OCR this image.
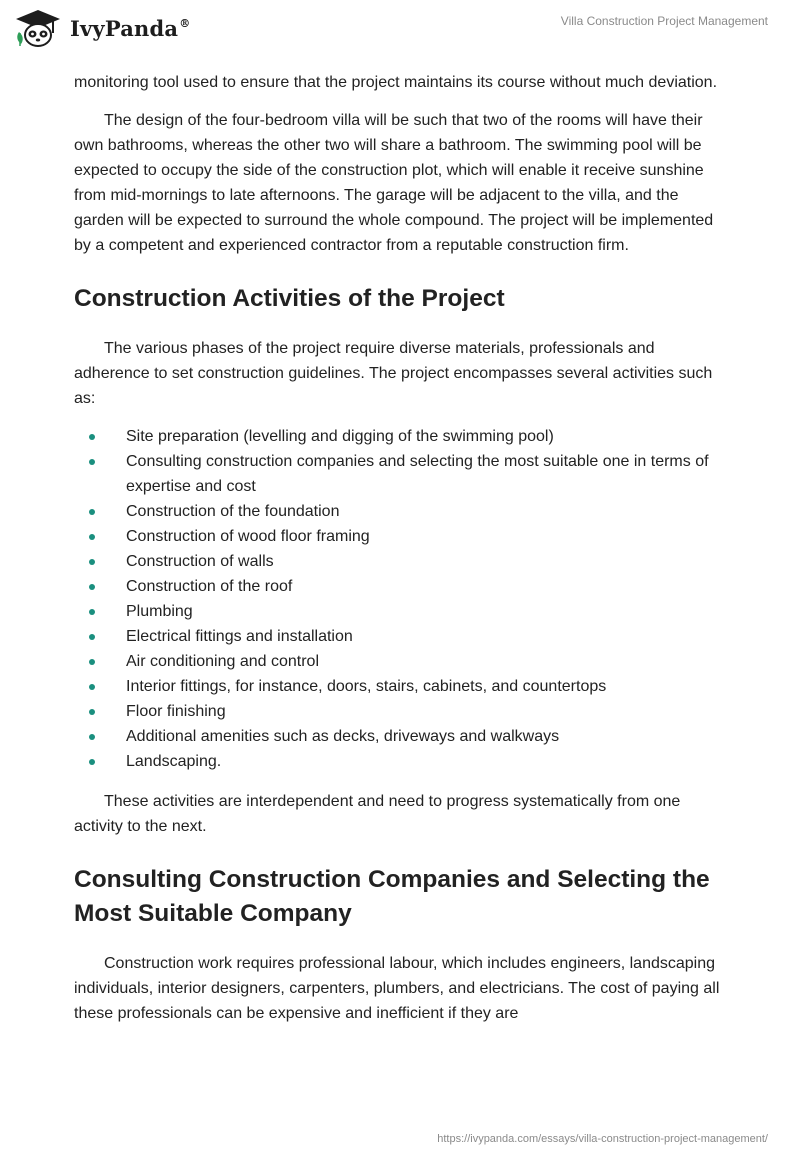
IvyPanda®	Villa Construction Project Management

monitoring tool used to ensure that the project maintains its course without much deviation.

The design of the four-bedroom villa will be such that two of the rooms will have their own bathrooms, whereas the other two will share a bathroom. The swimming pool will be expected to occupy the side of the construction plot, which will enable it receive sunshine from mid-mornings to late afternoons. The garage will be adjacent to the villa, and the garden will be expected to surround the whole compound. The project will be implemented by a competent and experienced contractor from a reputable construction firm.

Construction Activities of the Project

The various phases of the project require diverse materials, professionals and adherence to set construction guidelines. The project encompasses several activities such as:

Site preparation (levelling and digging of the swimming pool)
Consulting construction companies and selecting the most suitable one in terms of expertise and cost
Construction of the foundation
Construction of wood floor framing
Construction of walls
Construction of the roof
Plumbing
Electrical fittings and installation
Air conditioning and control
Interior fittings, for instance, doors, stairs, cabinets, and countertops
Floor finishing
Additional amenities such as decks, driveways and walkways
Landscaping.

These activities are interdependent and need to progress systematically from one activity to the next.

Consulting Construction Companies and Selecting the Most Suitable Company

Construction work requires professional labour, which includes engineers, landscaping individuals, interior designers, carpenters, plumbers, and electricians. The cost of paying all these professionals can be expensive and inefficient if they are

https://ivypanda.com/essays/villa-construction-project-management/
